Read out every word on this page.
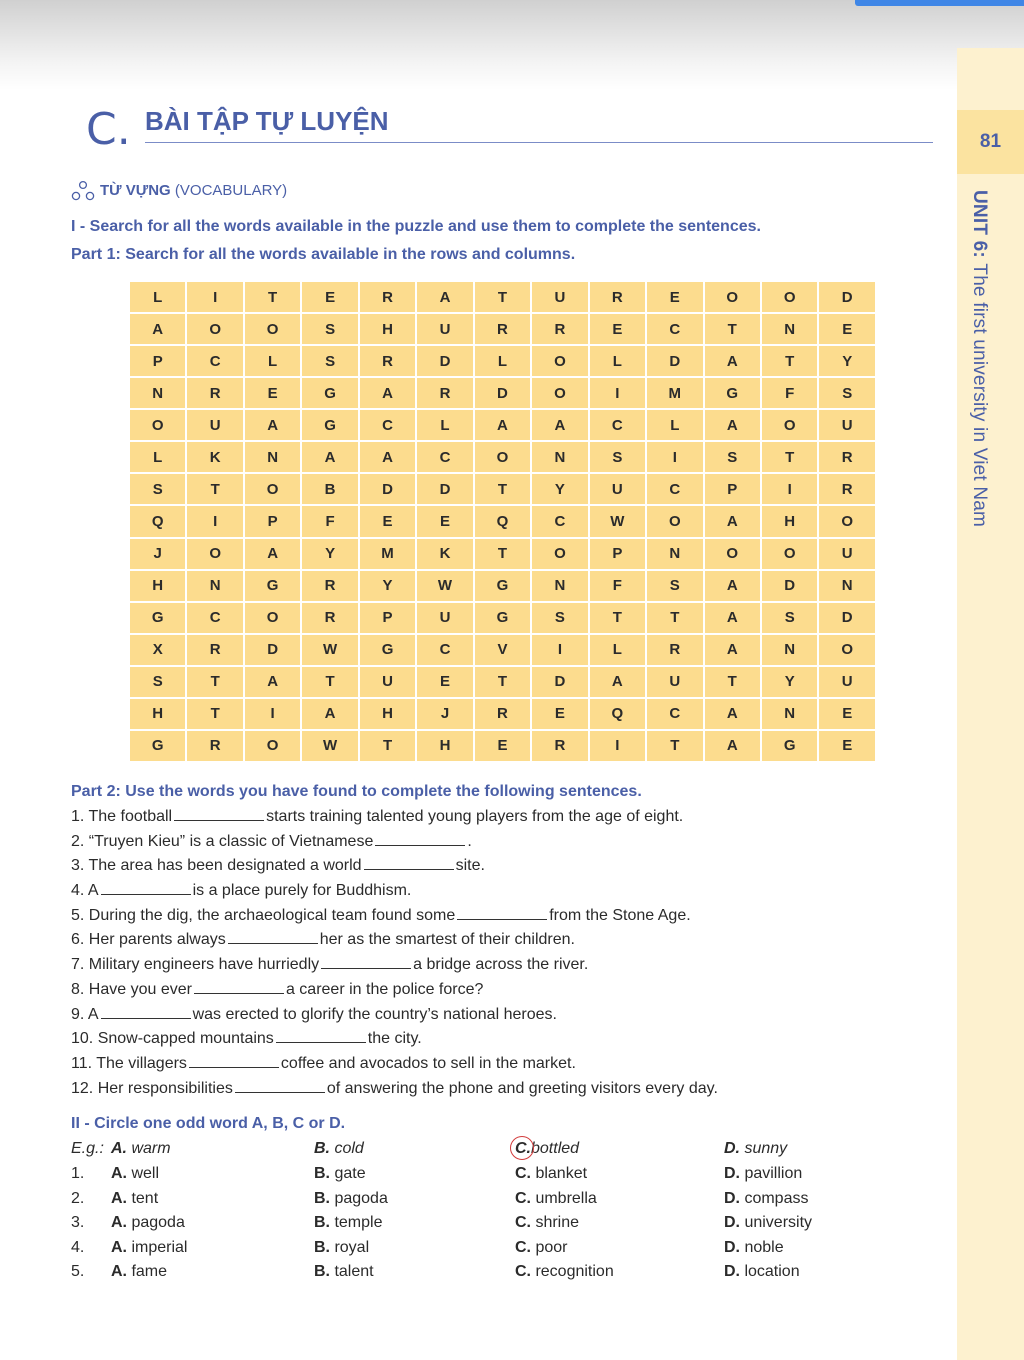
81
UNIT 6: The first university in Viet Nam
C. BÀI TẬP TỰ LUYỆN
TỪ VỰNG (VOCABULARY)
I - Search for all the words available in the puzzle and use them to complete the sentences.
Part 1: Search for all the words available in the rows and columns.
L	I	T	E	R	A	T	U	R	E	O	O	D
A	O	O	S	H	U	R	R	E	C	T	N	E
P	C	L	S	R	D	L	O	L	D	A	T	Y
N	R	E	G	A	R	D	O	I	M	G	F	S
O	U	A	G	C	L	A	A	C	L	A	O	U
L	K	N	A	A	C	O	N	S	I	S	T	R
S	T	O	B	D	D	T	Y	U	C	P	I	R
Q	I	P	F	E	E	Q	C	W	O	A	H	O
J	O	A	Y	M	K	T	O	P	N	O	O	U
H	N	G	R	Y	W	G	N	F	S	A	D	N
G	C	O	R	P	U	G	S	T	T	A	S	D
X	R	D	W	G	C	V	I	L	R	A	N	O
S	T	A	T	U	E	T	D	A	U	T	Y	U
H	T	I	A	H	J	R	E	Q	C	A	N	E
G	R	O	W	T	H	E	R	I	T	A	G	E
Part 2: Use the words you have found to complete the following sentences.
1. The football	starts training talented young players from the age of eight.
2. “Truyen Kieu” is a classic of Vietnamese	.
3. The area has been designated a world	site.
4. A	is a place purely for Buddhism.
5. During the dig, the archaeological team found some	from the Stone Age.
6. Her parents always	her as the smartest of their children.
7. Military engineers have hurriedly	a bridge across the river.
8. Have you ever	a career in the police force?
9. A	was erected to glorify the country’s national heroes.
10. Snow-capped mountains	the city.
11. The villagers	coffee and avocados to sell in the market.
12. Her responsibilities	of answering the phone and greeting visitors every day.
II - Circle one odd word A, B, C or D.
E.g.: A. warm	B. cold	C.bottled	D. sunny
1. A. well	B. gate	C. blanket	D. pavillion
2. A. tent	B. pagoda	C. umbrella	D. compass
3. A. pagoda	B. temple	C. shrine	D. university
4. A. imperial	B. royal	C. poor	D. noble
5. A. fame	B. talent	C. recognition	D. location
